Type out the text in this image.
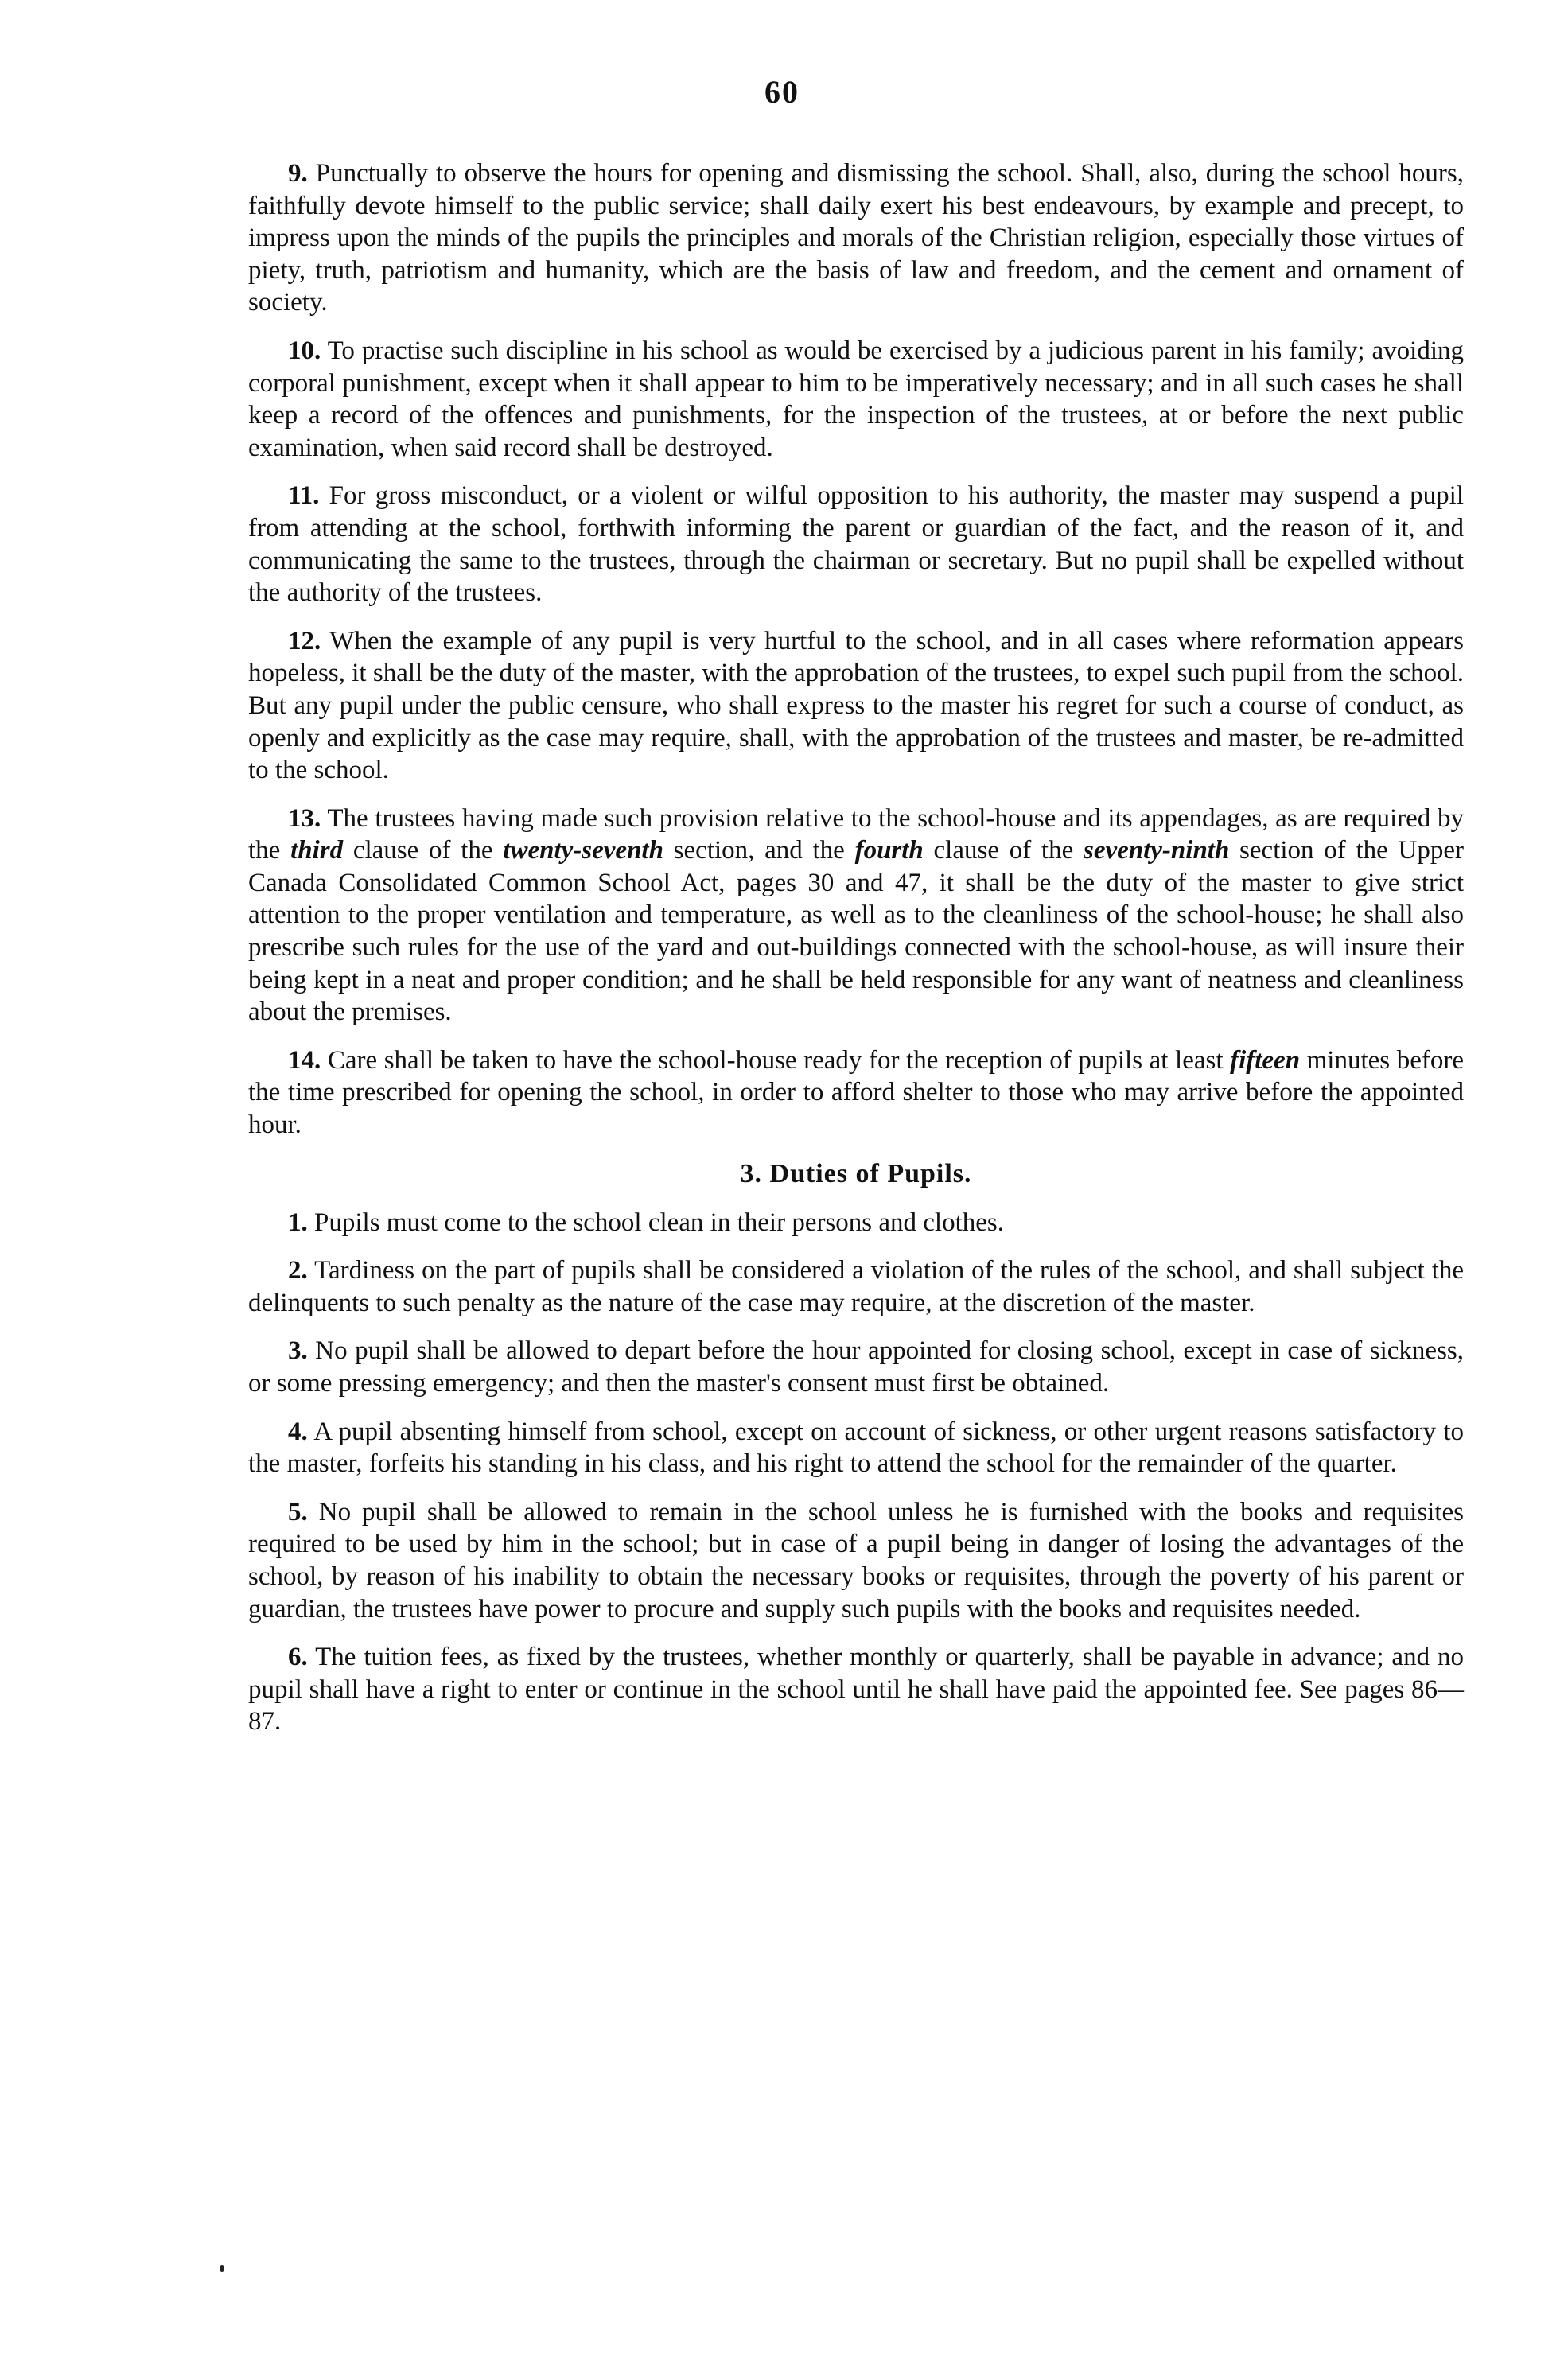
60

9. Punctually to observe the hours for opening and dismissing the school. Shall, also, during the school hours, faithfully devote himself to the public service; shall daily exert his best endeavours, by example and precept, to impress upon the minds of the pupils the principles and morals of the Christian religion, especially those virtues of piety, truth, patriotism and humanity, which are the basis of law and freedom, and the cement and ornament of society.

10. To practise such discipline in his school as would be exercised by a judicious parent in his family; avoiding corporal punishment, except when it shall appear to him to be imperatively necessary; and in all such cases he shall keep a record of the offences and punishments, for the inspection of the trustees, at or before the next public examination, when said record shall be destroyed.

11. For gross misconduct, or a violent or wilful opposition to his authority, the master may suspend a pupil from attending at the school, forthwith informing the parent or guardian of the fact, and the reason of it, and communicating the same to the trustees, through the chairman or secretary. But no pupil shall be expelled without the authority of the trustees.

12. When the example of any pupil is very hurtful to the school, and in all cases where reformation appears hopeless, it shall be the duty of the master, with the approbation of the trustees, to expel such pupil from the school. But any pupil under the public censure, who shall express to the master his regret for such a course of conduct, as openly and explicitly as the case may require, shall, with the approbation of the trustees and master, be re-admitted to the school.

13. The trustees having made such provision relative to the school-house and its appendages, as are required by the third clause of the twenty-seventh section, and the fourth clause of the seventy-ninth section of the Upper Canada Consolidated Common School Act, pages 30 and 47, it shall be the duty of the master to give strict attention to the proper ventilation and temperature, as well as to the cleanliness of the school-house; he shall also prescribe such rules for the use of the yard and out-buildings connected with the school-house, as will insure their being kept in a neat and proper condition; and he shall be held responsible for any want of neatness and cleanliness about the premises.

14. Care shall be taken to have the school-house ready for the reception of pupils at least fifteen minutes before the time prescribed for opening the school, in order to afford shelter to those who may arrive before the appointed hour.

3. Duties of Pupils.

1. Pupils must come to the school clean in their persons and clothes.

2. Tardiness on the part of pupils shall be considered a violation of the rules of the school, and shall subject the delinquents to such penalty as the nature of the case may require, at the discretion of the master.

3. No pupil shall be allowed to depart before the hour appointed for closing school, except in case of sickness, or some pressing emergency; and then the master's consent must first be obtained.

4. A pupil absenting himself from school, except on account of sickness, or other urgent reasons satisfactory to the master, forfeits his standing in his class, and his right to attend the school for the remainder of the quarter.

5. No pupil shall be allowed to remain in the school unless he is furnished with the books and requisites required to be used by him in the school; but in case of a pupil being in danger of losing the advantages of the school, by reason of his inability to obtain the necessary books or requisites, through the poverty of his parent or guardian, the trustees have power to procure and supply such pupils with the books and requisites needed.

6. The tuition fees, as fixed by the trustees, whether monthly or quarterly, shall be payable in advance; and no pupil shall have a right to enter or continue in the school until he shall have paid the appointed fee. See pages 86—87.
